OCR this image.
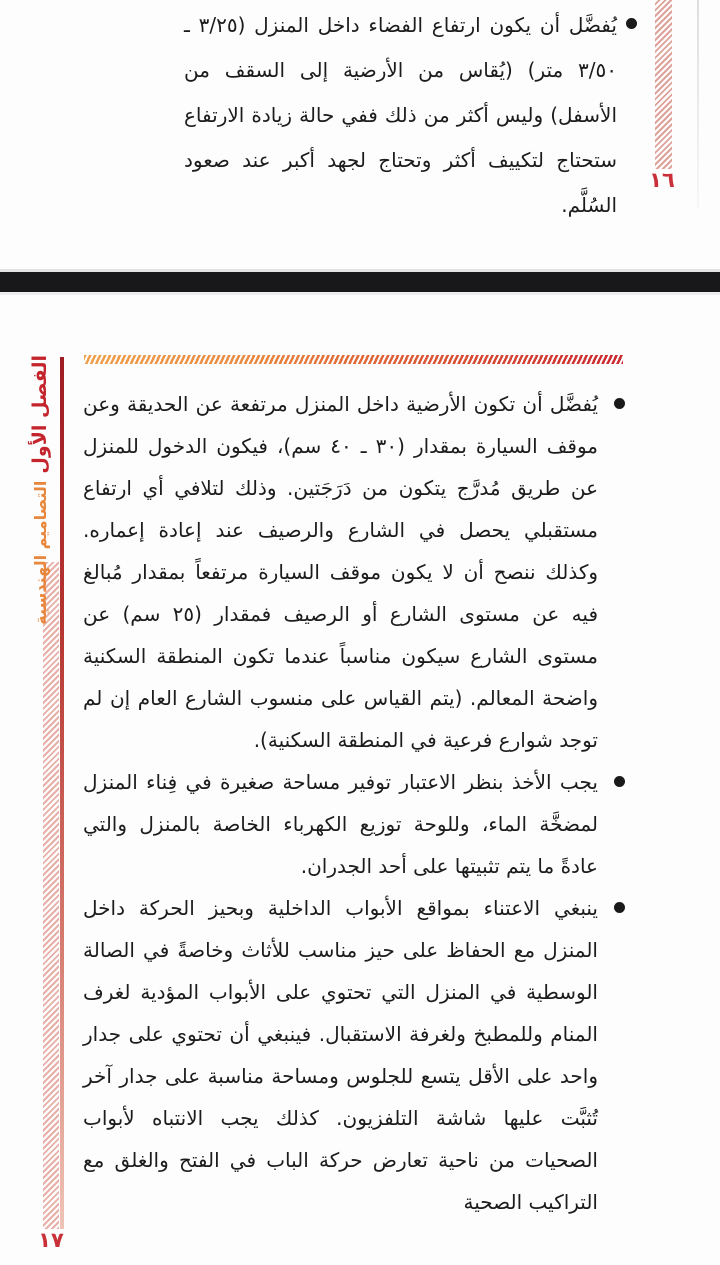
يُفضَّل أن يكون ارتفاع الفضاء داخل المنزل (٣/٢٥ ـ ٣/٥٠ متر) (يُقاس من الأرضية إلى السقف من الأسفل) وليس أكثر من ذلك ففي حالة زيادة الارتفاع ستحتاج لتكييف أكثر وتحتاج لجهد أكبر عند صعود السُلَّم.

١٦
الفصل الأول
التصاميم الهندسية

يُفضَّل أن تكون الأرضية داخل المنزل مرتفعة عن الحديقة وعن موقف السيارة بمقدار (٣٠ ـ ٤٠ سم)، فيكون الدخول للمنزل عن طريق مُدرَّج يتكون من دَرَجَتين. وذلك لتلافي أي ارتفاع مستقبلي يحصل في الشارع والرصيف عند إعادة إعماره. وكذلك ننصح أن لا يكون موقف السيارة مرتفعاً بمقدار مُبالغ فيه عن مستوى الشارع أو الرصيف فمقدار (٢٥ سم) عن مستوى الشارع سيكون مناسباً عندما تكون المنطقة السكنية واضحة المعالم. (يتم القياس على منسوب الشارع العام إن لم توجد شوارع فرعية في المنطقة السكنية).

يجب الأخذ بنظر الاعتبار توفير مساحة صغيرة في فِناء المنزل لمضخَّة الماء، وللوحة توزيع الكهرباء الخاصة بالمنزل والتي عادةً ما يتم تثبيتها على أحد الجدران.

ينبغي الاعتناء بمواقع الأبواب الداخلية وبحيز الحركة داخل المنزل مع الحفاظ على حيز مناسب للأثاث وخاصةً في الصالة الوسطية في المنزل التي تحتوي على الأبواب المؤدية لغرف المنام وللمطبخ ولغرفة الاستقبال. فينبغي أن تحتوي على جدار واحد على الأقل يتسع للجلوس ومساحة مناسبة على جدار آخر تُثبَّت عليها شاشة التلفزيون. كذلك يجب الانتباه لأبواب الصحيات من ناحية تعارض حركة الباب في الفتح والغلق مع التراكيب الصحية

١٧
